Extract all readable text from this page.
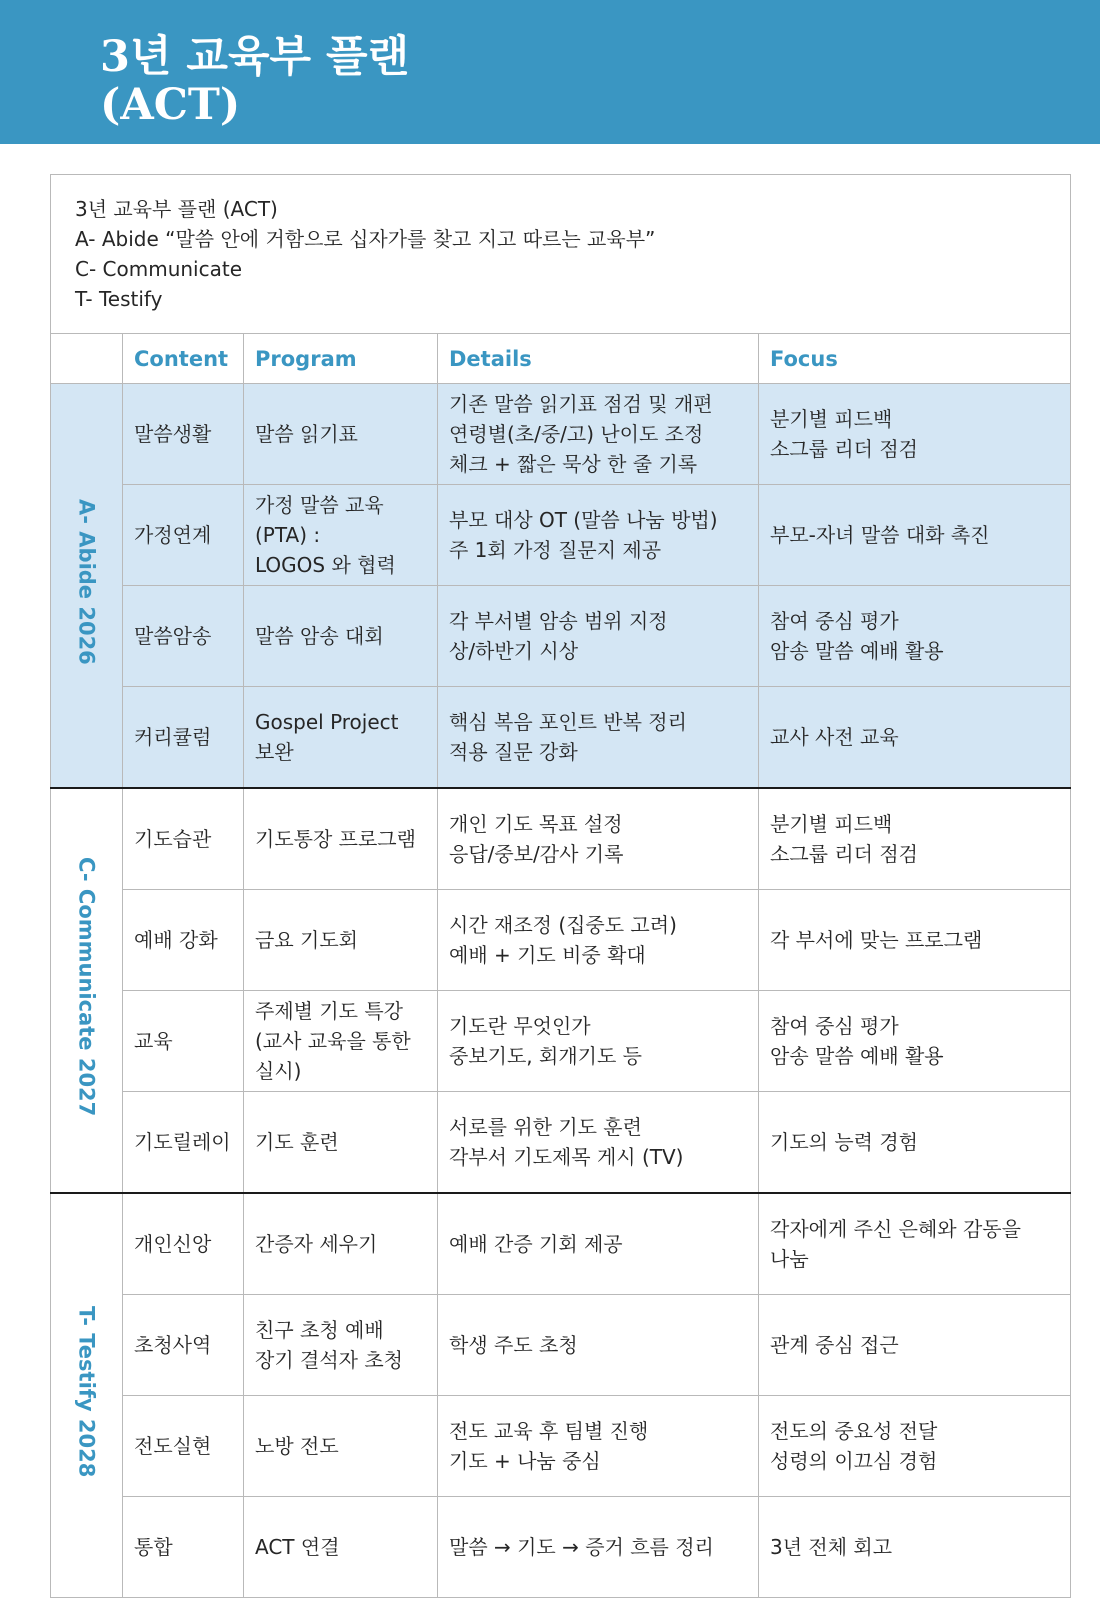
3년 교육부 플랜
(ACT)
3년 교육부 플랜 (ACT)
A- Abide “말씀 안에 거함으로 십자가를 찾고 지고 따르는 교육부”
C- Communicate
T- Testify				

	Content	Program	Details	Focus
A- Abide 2026	말씀생활	말씀 읽기표	기존 말씀 읽기표 점검 및 개편
연령별(초/중/고) 난이도 조정
체크 + 짧은 묵상 한 줄 기록	분기별 피드백
소그룹 리더 점검

	가정연계	가정 말씀 교육
(PTA) :
LOGOS 와 협력	부모 대상 OT (말씀 나눔 방법)
주 1회 가정 질문지 제공	부모-자녀 말씀 대화 촉진

	말씀암송	말씀 암송 대회	각 부서별 암송 범위 지정
상/하반기 시상	참여 중심 평가
암송 말씀 예배 활용

	커리큘럼	Gospel Project
보완	핵심 복음 포인트 반복 정리
적용 질문 강화	교사 사전 교육

C- Communicate 2027	기도습관	기도통장 프로그램	개인 기도 목표 설정
응답/중보/감사 기록	분기별 피드백
소그룹 리더 점검

	예배 강화	금요 기도회	시간 재조정 (집중도 고려)
예배 + 기도 비중 확대	각 부서에 맞는 프로그램

	교육	주제별 기도 특강
(교사 교육을 통한
실시)	기도란 무엇인가
중보기도, 회개기도 등	참여 중심 평가
암송 말씀 예배 활용

	기도릴레이	기도 훈련	서로를 위한 기도 훈련
각부서 기도제목 게시 (TV)	기도의 능력 경험

T- Testify 2028	개인신앙	간증자 세우기	예배 간증 기회 제공	각자에게 주신 은혜와 감동을
나눔

	초청사역	친구 초청 예배
장기 결석자 초청	학생 주도 초청	관계 중심 접근

	전도실현	노방 전도	전도 교육 후 팀별 진행
기도 + 나눔 중심	전도의 중요성 전달
성령의 이끄심 경험

	통합	ACT 연결	말씀 → 기도 → 증거 흐름 정리	3년 전체 회고
